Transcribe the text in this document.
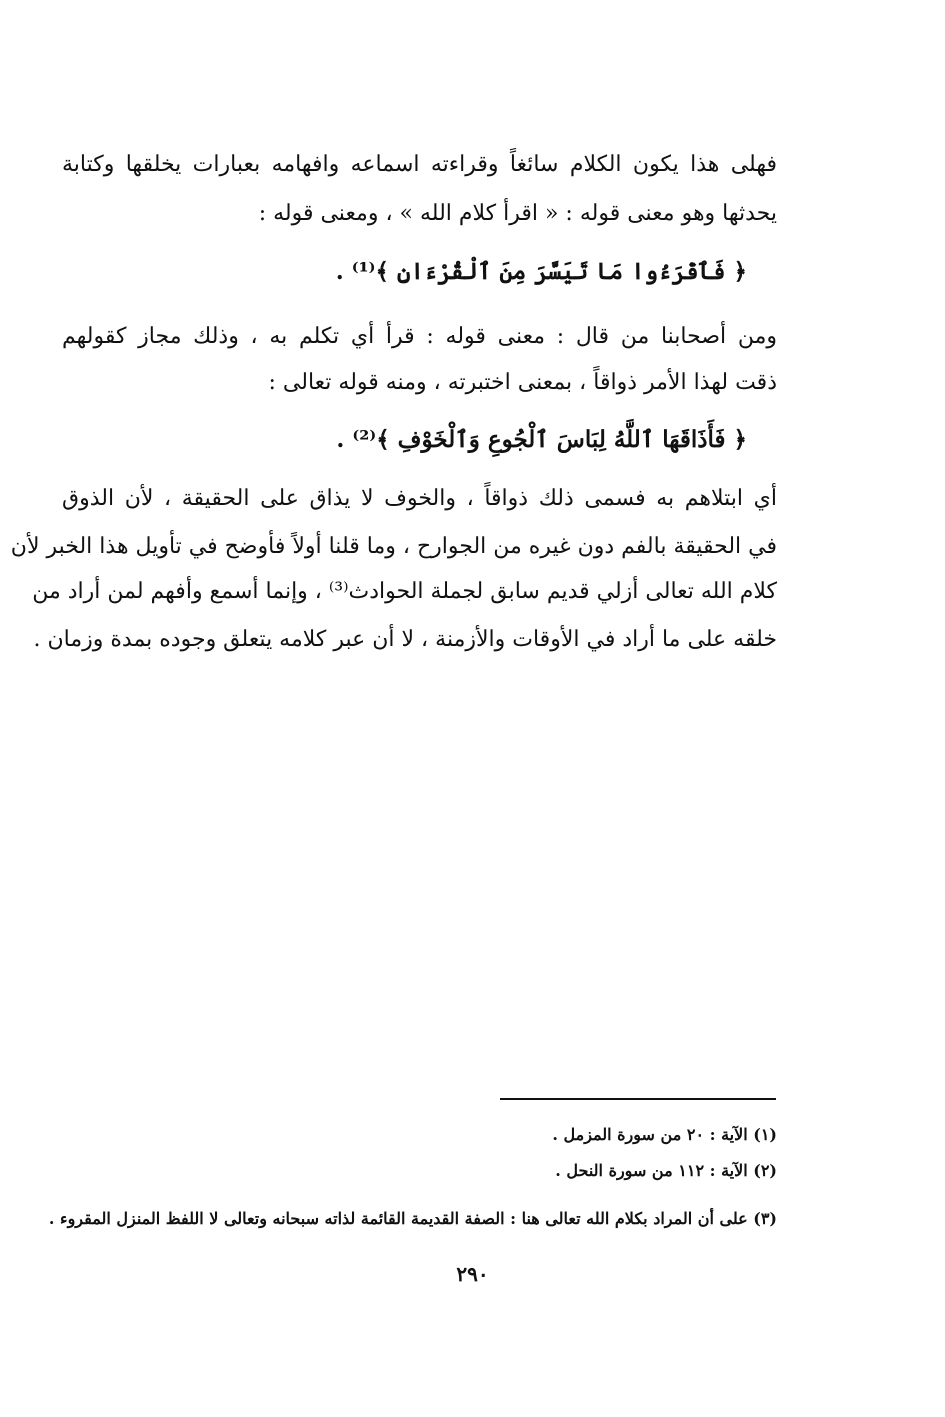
فهلى هذا يكون الكلام سائغاً وقراءته اسماعه وافهامه بعبارات يخلقها وكتابة
يحدثها وهو معنى قوله : « اقرأ كلام الله » ، ومعنى قوله :
﴿ فَٱقْرَءُوا مَا تَيَسَّرَ مِنَ ٱلْقُرْءَانِ ﴾⁽¹⁾ .
ومن أصحابنا من قال : معنى قوله : قرأ أي تكلم به ، وذلك مجاز كقولهم
ذقت لهذا الأمر ذواقاً ، بمعنى اختبرته ، ومنه قوله تعالى :
﴿ فَأَذَاقَهَا ٱللَّهُ لِبَاسَ ٱلْجُوعِ وَٱلْخَوْفِ ﴾⁽²⁾ .
أي ابتلاهم به فسمى ذلك ذواقاً ، والخوف لا يذاق على الحقيقة ، لأن الذوق
في الحقيقة بالفم دون غيره من الجوارح ، وما قلنا أولاً فأوضح في تأويل هذا الخبر لأن
كلام الله تعالى أزلي قديم سابق لجملة الحوادث⁽³⁾ ، وإنما أسمع وأفهم لمن أراد من
خلقه على ما أراد في الأوقات والأزمنة ، لا أن عبر كلامه يتعلق وجوده بمدة وزمان .
(١) الآية : ٢٠ من سورة المزمل .
(٢) الآية : ١١٢ من سورة النحل .
(٣) على أن المراد بكلام الله تعالى هنا : الصفة القديمة القائمة لذاته سبحانه وتعالى لا اللفظ المنزل المقروء .
٢٩٠
